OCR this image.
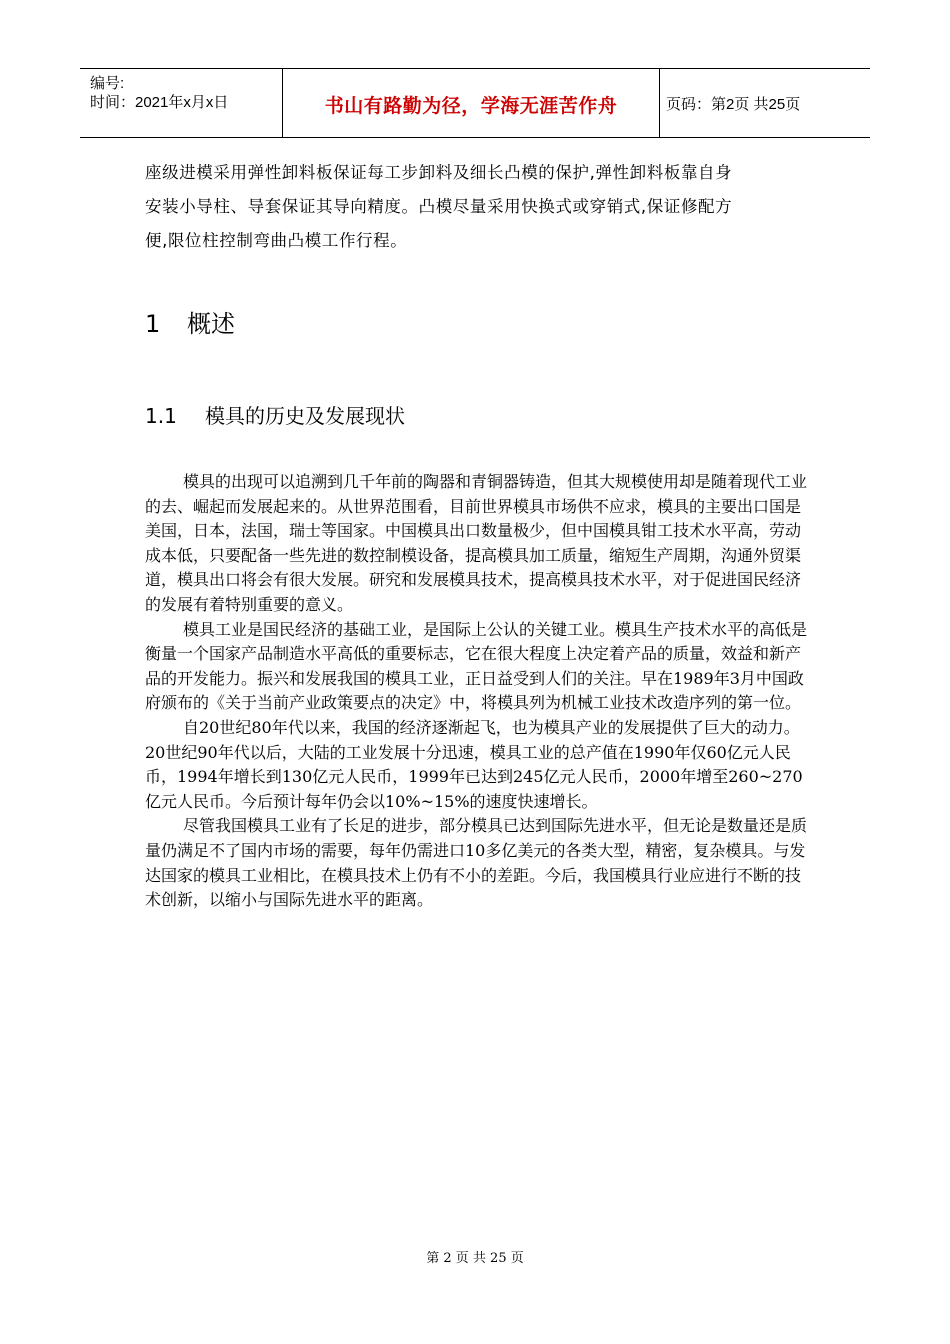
编号:
时间：2021年x月x日	书山有路勤为径，学海无涯苦作舟	页码：第2页 共25页

座级进模采用弹性卸料板保证每工步卸料及细长凸模的保护,弹性卸料板靠自身

安装小导柱、导套保证其导向精度。凸模尽量采用快换式或穿销式,保证修配方

便,限位柱控制弯曲凸模工作行程。

1 概述
1.1 模具的历史及发展现状

模具的出现可以追溯到几千年前的陶器和青铜器铸造，但其大规模使用却是随着现代工业的去、崛起而发展起来的。从世界范围看，目前世界模具市场供不应求，模具的主要出口国是美国，日本，法国，瑞士等国家。中国模具出口数量极少，但中国模具钳工技术水平高，劳动成本低，只要配备一些先进的数控制模设备，提高模具加工质量，缩短生产周期，沟通外贸渠道，模具出口将会有很大发展。研究和发展模具技术，提高模具技术水平，对于促进国民经济的发展有着特别重要的意义。

模具工业是国民经济的基础工业，是国际上公认的关键工业。模具生产技术水平的高低是衡量一个国家产品制造水平高低的重要标志，它在很大程度上决定着产品的质量，效益和新产品的开发能力。振兴和发展我国的模具工业，正日益受到人们的关注。早在1989年3月中国政府颁布的《关于当前产业政策要点的决定》中，将模具列为机械工业技术改造序列的第一位。

自20世纪80年代以来，我国的经济逐渐起飞，也为模具产业的发展提供了巨大的动力。20世纪90年代以后，大陆的工业发展十分迅速，模具工业的总产值在1990年仅60亿元人民币，1994年增长到130亿元人民币，1999年已达到245亿元人民币，2000年增至260~270亿元人民币。今后预计每年仍会以10%~15%的速度快速增长。

尽管我国模具工业有了长足的进步，部分模具已达到国际先进水平，但无论是数量还是质量仍满足不了国内市场的需要，每年仍需进口10多亿美元的各类大型，精密，复杂模具。与发达国家的模具工业相比，在模具技术上仍有不小的差距。今后，我国模具行业应进行不断的技术创新，以缩小与国际先进水平的距离。

第 2 页 共 25 页
